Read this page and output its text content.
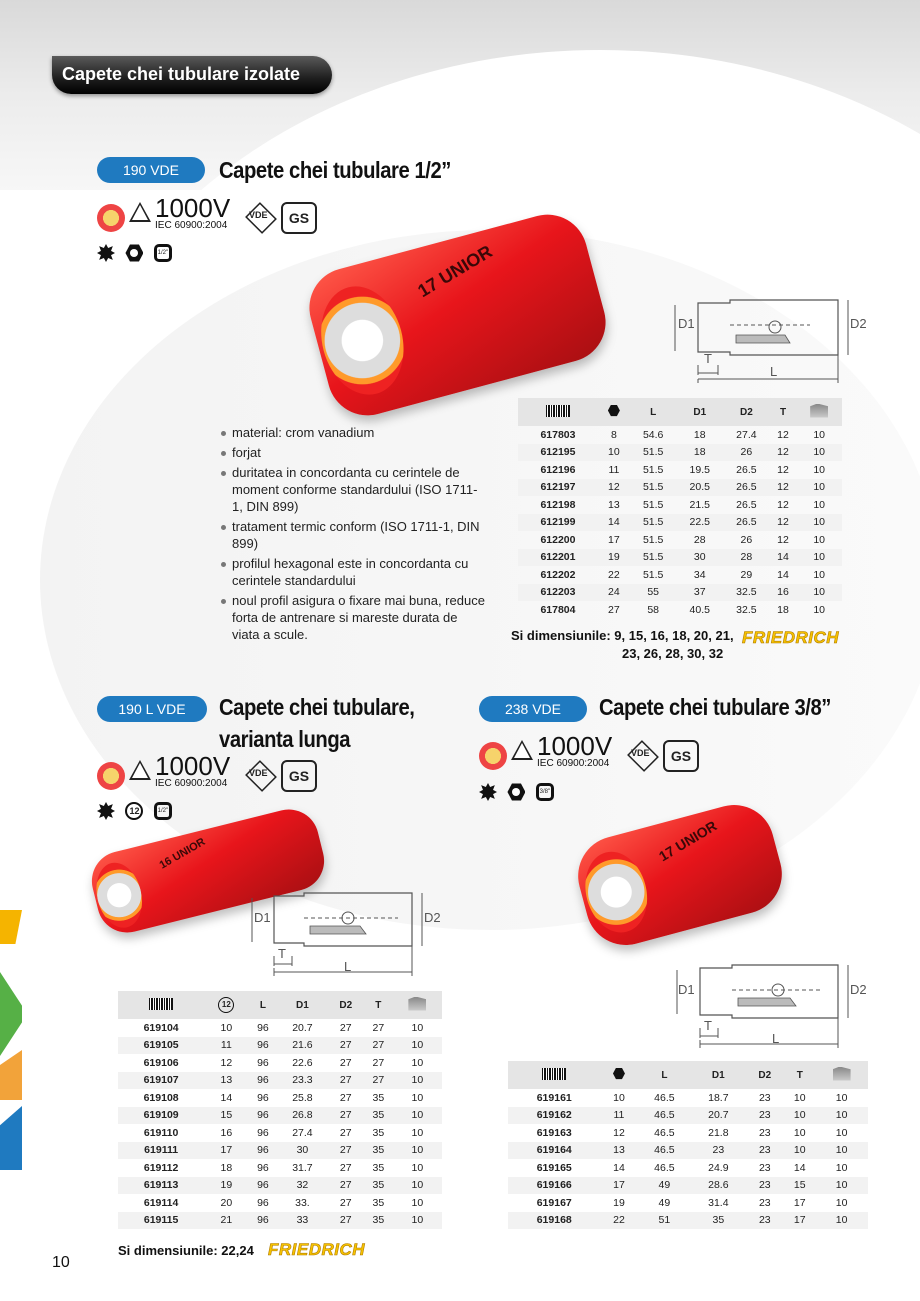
Capete chei tubulare izolate
190 VDE	Capete chei tubulare 1/2”
1000V
IEC 60900:2004
VDE	GS
1/2"	17 UNIOR
D1	D2
T
L
material: crom vanadium
forjat
duritatea in concordanta cu cerintele de moment conforme standardului (ISO 1711-1, DIN 899)
tratament termic conform (ISO 1711-1, DIN 899)
profilul hexagonal este in concordanta cu cerintele standardului
noul profil asigura o fixare mai buna, reduce forta de antrenare si mareste durata de viata a scule.
		L	D1	D2	T	
617803	8	54.6	18	27.4	12	10
612195	10	51.5	18	26	12	10
612196	11	51.5	19.5	26.5	12	10
612197	12	51.5	20.5	26.5	12	10
612198	13	51.5	21.5	26.5	12	10
612199	14	51.5	22.5	26.5	12	10
612200	17	51.5	28	26	12	10
612201	19	51.5	30	28	14	10
612202	22	51.5	34	29	14	10
612203	24	55	37	32.5	16	10
617804	27	58	40.5	32.5	18	10
Si dimensiunile: 9, 15, 16, 18, 20, 21,
23, 26, 28, 30, 32
FRIEDRICH
190 L VDE	Capete chei tubulare,
varianta lunga
1000V
IEC 60900:2004
VDE	GS
12	1/2"
16 UNIOR
D1	D2
T
L
	12	L	D1	D2	T	
619104	10	96	20.7	27	27	10
619105	11	96	21.6	27	27	10
619106	12	96	22.6	27	27	10
619107	13	96	23.3	27	27	10
619108	14	96	25.8	27	35	10
619109	15	96	26.8	27	35	10
619110	16	96	27.4	27	35	10
619111	17	96	30	27	35	10
619112	18	96	31.7	27	35	10
619113	19	96	32	27	35	10
619114	20	96	33.	27	35	10
619115	21	96	33	27	35	10
Si dimensiunile: 22,24 FRIEDRICH
238 VDE	Capete chei tubulare 3/8”
1000V
IEC 60900:2004
VDE	GS
3/8"
17 UNIOR
D1	D2
T
L
		L	D1	D2	T	
619161	10	46.5	18.7	23	10	10
619162	11	46.5	20.7	23	10	10
619163	12	46.5	21.8	23	10	10
619164	13	46.5	23	23	10	10
619165	14	46.5	24.9	23	14	10
619166	17	49	28.6	23	15	10
619167	19	49	31.4	23	17	10
619168	22	51	35	23	17	10
10
